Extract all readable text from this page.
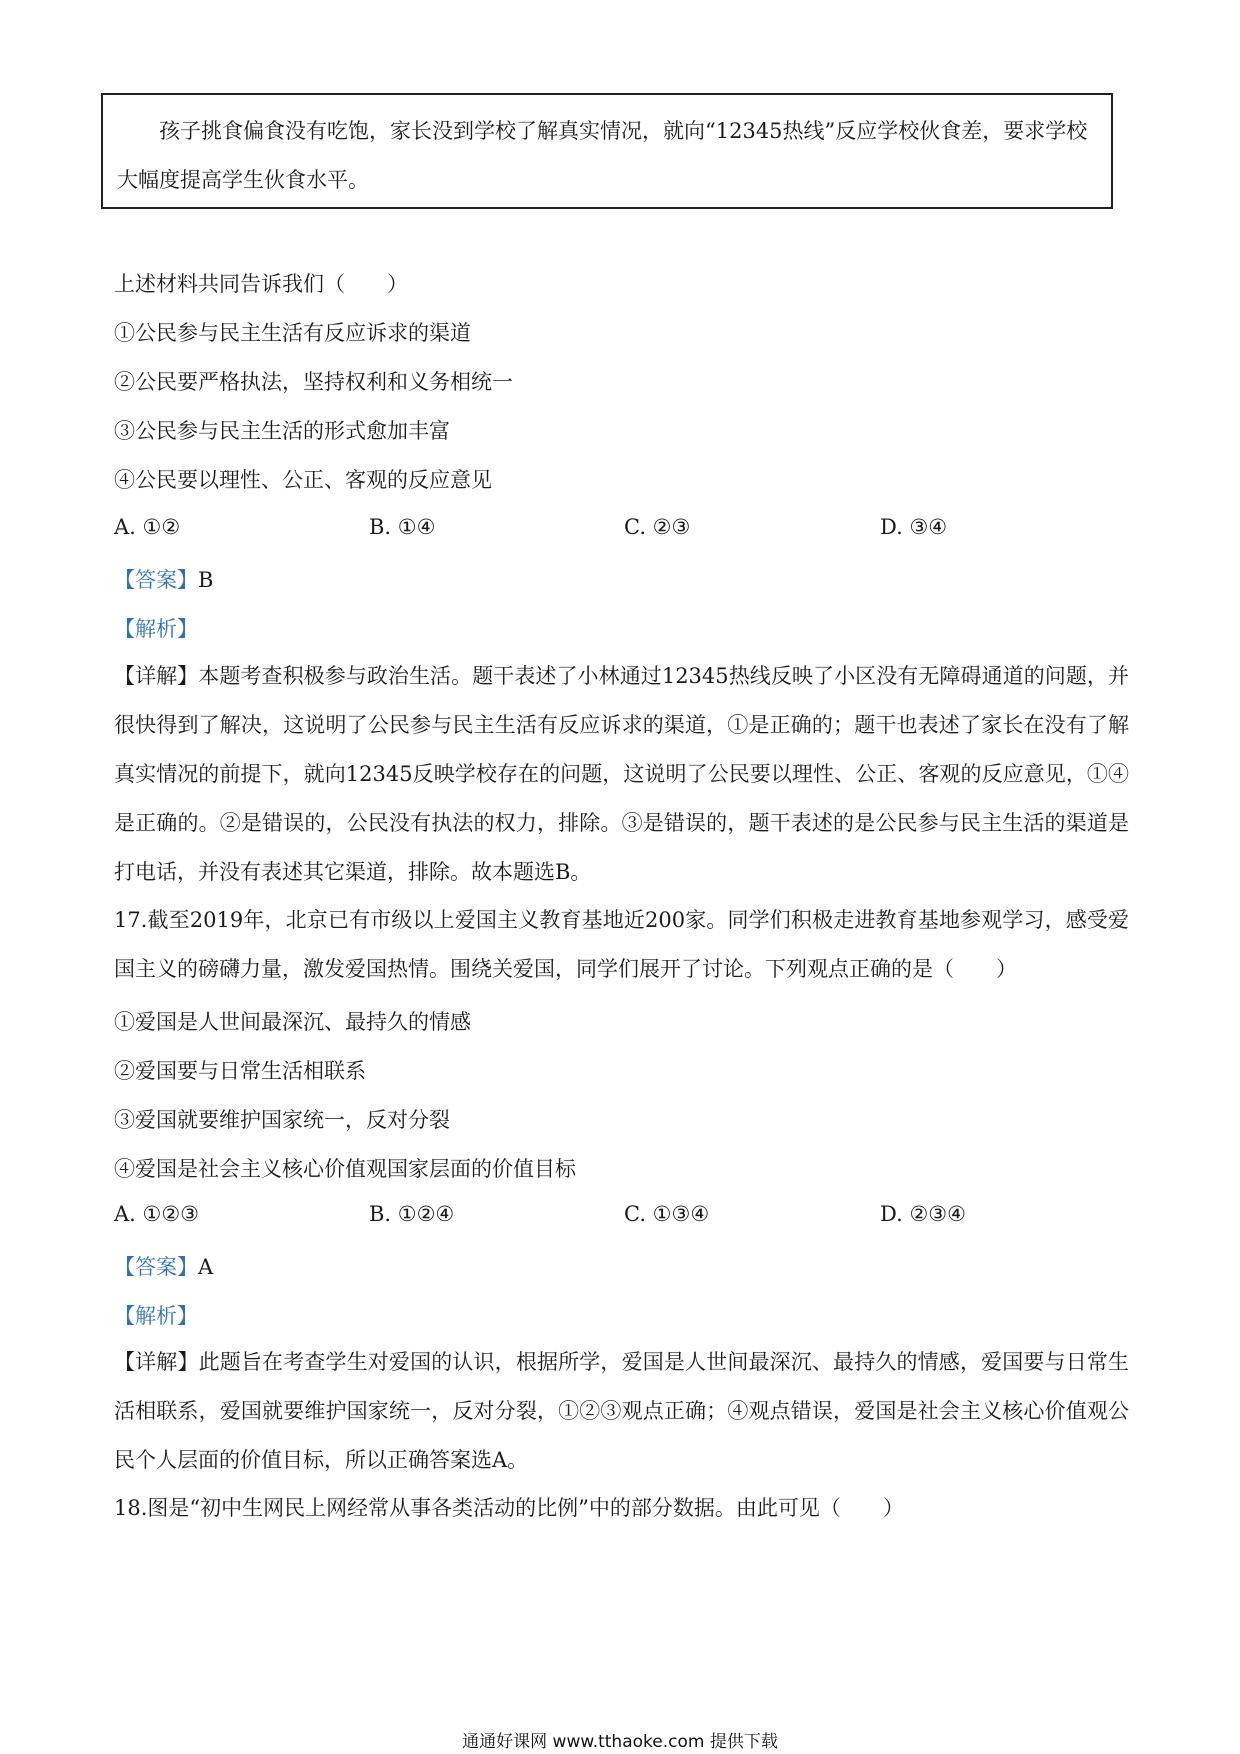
孩子挑食偏食没有吃饱，家长没到学校了解真实情况，就向“12345热线”反应学校伙食差，要求学校大幅度提高学生伙食水平。

上述材料共同告诉我们（　　）
①公民参与民主生活有反应诉求的渠道
②公民要严格执法，坚持权利和义务相统一
③公民参与民主生活的形式愈加丰富
④公民要以理性、公正、客观的反应意见
A. ①②	B. ①④	C. ②③	D. ③④
【答案】B
【解析】

【详解】本题考查积极参与政治生活。题干表述了小林通过12345热线反映了小区没有无障碍通道的问题，并很快得到了解决，这说明了公民参与民主生活有反应诉求的渠道，①是正确的；题干也表述了家长在没有了解真实情况的前提下，就向12345反映学校存在的问题，这说明了公民要以理性、公正、客观的反应意见，①④是正确的。②是错误的，公民没有执法的权力，排除。③是错误的，题干表述的是公民参与民主生活的渠道是打电话，并没有表述其它渠道，排除。故本题选B。

17.截至2019年，北京已有市级以上爱国主义教育基地近200家。同学们积极走进教育基地参观学习，感受爱国主义的磅礴力量，激发爱国热情。围绕关爱国，同学们展开了讨论。下列观点正确的是（　　）

①爱国是人世间最深沉、最持久的情感
②爱国要与日常生活相联系
③爱国就要维护国家统一，反对分裂
④爱国是社会主义核心价值观国家层面的价值目标
A. ①②③	B. ①②④	C. ①③④	D. ②③④
【答案】A
【解析】

【详解】此题旨在考查学生对爱国的认识，根据所学，爱国是人世间最深沉、最持久的情感，爱国要与日常生活相联系，爱国就要维护国家统一，反对分裂，①②③观点正确；④观点错误，爱国是社会主义核心价值观公民个人层面的价值目标，所以正确答案选A。

18.图是“初中生网民上网经常从事各类活动的比例”中的部分数据。由此可见（　　）

通通好课网 www.tthaoke.com 提供下载
